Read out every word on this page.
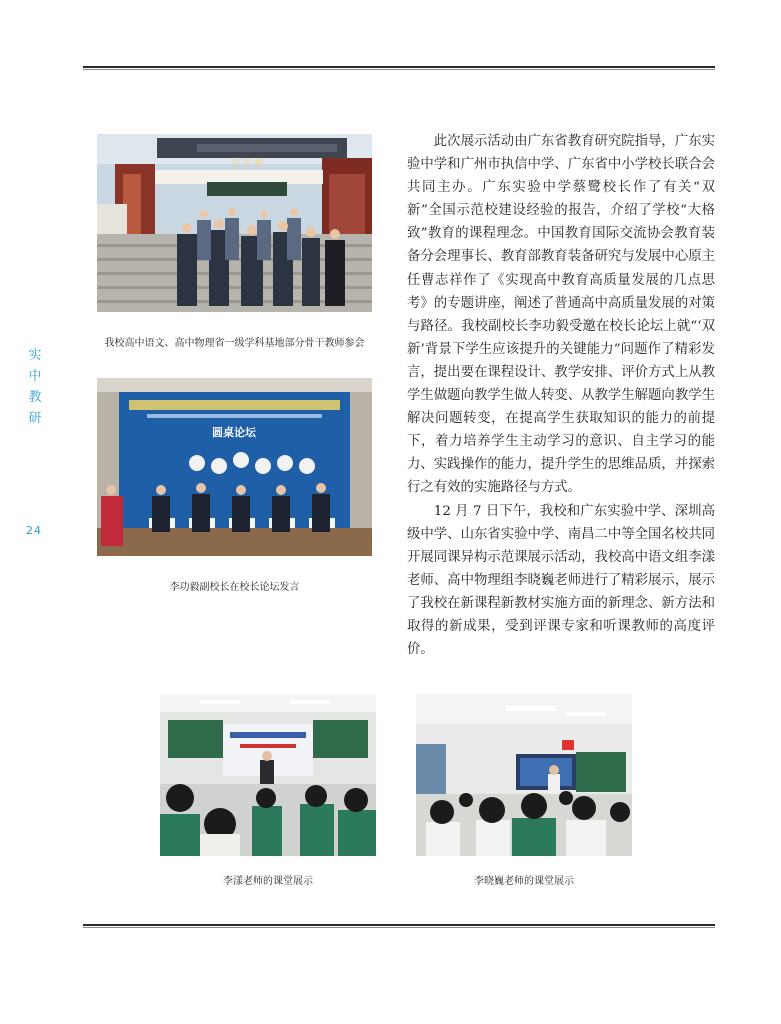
实
中
教
研
24
百 年 楼
我校高中语文、高中物理省一级学科基地部分骨干教师参会
圆桌论坛
李功毅副校长在校长论坛发言

此次展示活动由广东省教育研究院指导，广东实验中学和广州市执信中学、广东省中小学校长联合会共同主办。广东实验中学蔡鹭校长作了有关“双新”全国示范校建设经验的报告，介绍了学校“大格致”教育的课程理念。中国教育国际交流协会教育装备分会理事长、教育部教育装备研究与发展中心原主任曹志祥作了《实现高中教育高质量发展的几点思考》的专题讲座，阐述了普通高中高质量发展的对策与路径。我校副校长李功毅受邀在校长论坛上就“‘双新’背景下学生应该提升的关键能力”问题作了精彩发言，提出要在课程设计、教学安排、评价方式上从教学生做题向教学生做人转变、从教学生解题向教学生解决问题转变，在提高学生获取知识的能力的前提下，着力培养学生主动学习的意识、自主学习的能力、实践操作的能力，提升学生的思维品质，并探索行之有效的实施路径与方式。

12 月 7 日下午，我校和广东实验中学、深圳高级中学、山东省实验中学、南昌二中等全国名校共同开展同课异构示范课展示活动，我校高中语文组李漾老师、高中物理组李晓巍老师进行了精彩展示，展示了我校在新课程新教材实施方面的新理念、新方法和取得的新成果，受到评课专家和听课教师的高度评价。

李漾老师的课堂展示	李晓巍老师的课堂展示
